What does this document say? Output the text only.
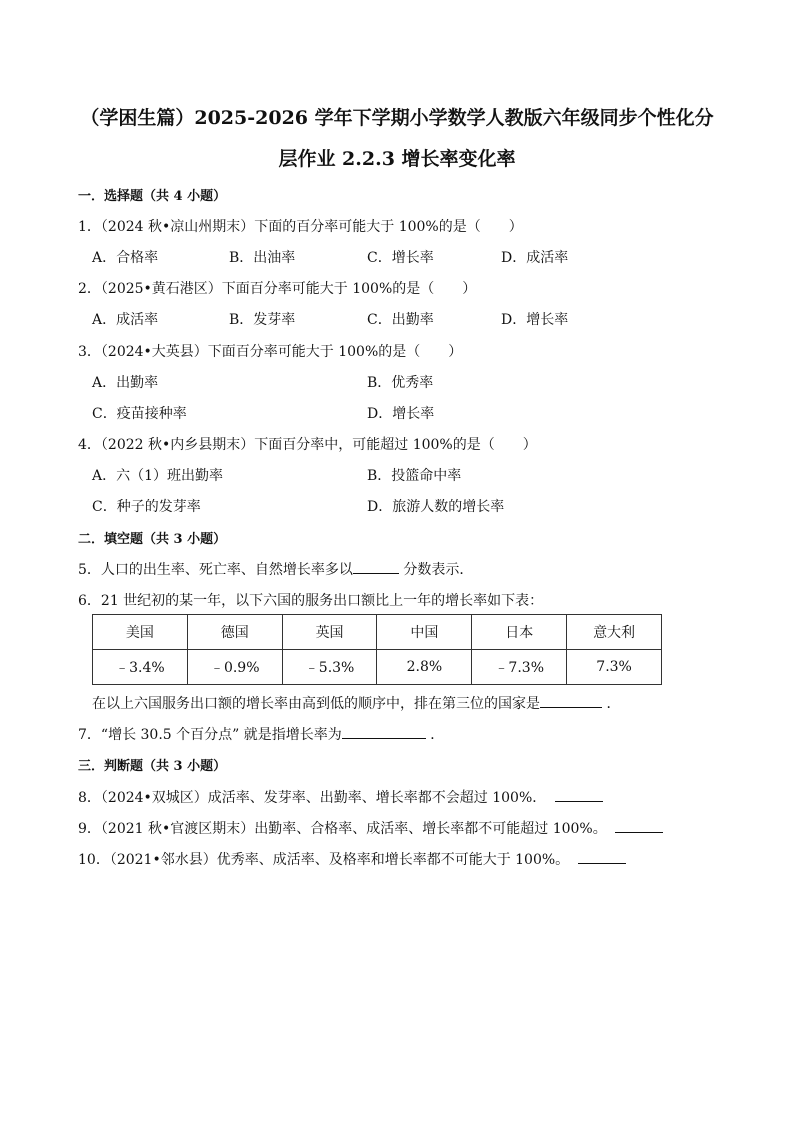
（学困生篇）2025-2026 学年下学期小学数学人教版六年级同步个性化分
层作业 2.2.3 增长率变化率
一．选择题（共 4 小题）
1．（2024 秋•凉山州期末）下面的百分率可能大于 100%的是（　　）
A．合格率	B．出油率	C．增长率	D．成活率
2．（2025•黄石港区）下面百分率可能大于 100%的是（　　）
A．成活率	B．发芽率	C．出勤率	D．增长率
3．（2024•大英县）下面百分率可能大于 100%的是（　　）
A．出勤率	B．优秀率
C．疫苗接种率	D．增长率
4．（2022 秋•内乡县期末）下面百分率中，可能超过 100%的是（　　）
A．六（1）班出勤率	B．投篮命中率
C．种子的发芽率	D．旅游人数的增长率
二．填空题（共 3 小题）
5．人口的出生率、死亡率、自然增长率多以	分数表示．
6．21 世纪初的某一年，以下六国的服务出口额比上一年的增长率如下表：
美国	德国	英国	中国	日本	意大利
﹣3.4%	﹣0.9%	﹣5.3%	2.8%	﹣7.3%	7.3%
在以上六国服务出口额的增长率由高到低的顺序中，排在第三位的国家是	．
7．“增长 30.5 个百分点” 就是指增长率为	．
三．判断题（共 3 小题）
8．（2024•双城区）成活率、发芽率、出勤率、增长率都不会超过 100%．
9．（2021 秋•官渡区期末）出勤率、合格率、成活率、增长率都不可能超过 100%。
10．（2021•邻水县）优秀率、成活率、及格率和增长率都不可能大于 100%。
